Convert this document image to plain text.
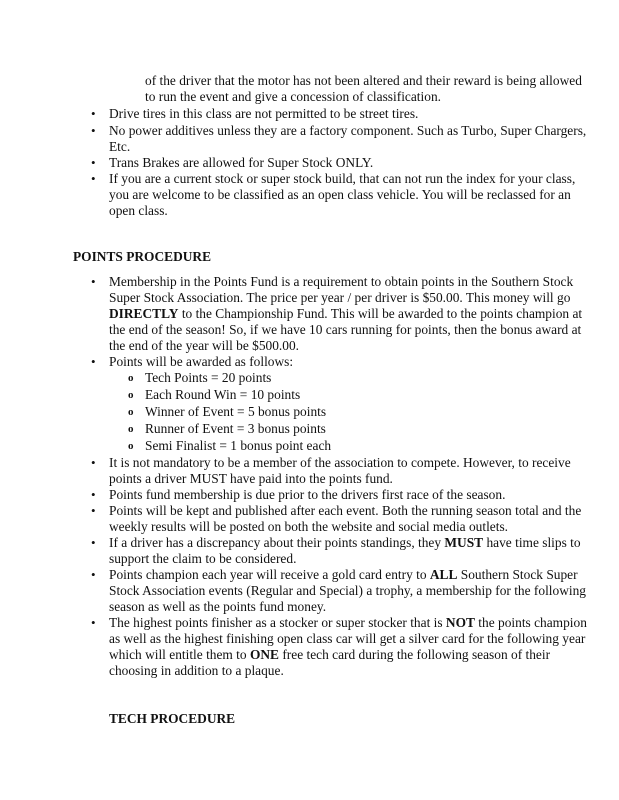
of the driver that the motor has not been altered and their reward is being allowed
to run the event and give a concession of classification.
• Drive tires in this class are not permitted to be street tires.
• No power additives unless they are a factory component. Such as Turbo, Super Chargers,
Etc.
• Trans Brakes are allowed for Super Stock ONLY.
• If you are a current stock or super stock build, that can not run the index for your class,
you are welcome to be classified as an open class vehicle. You will be reclassed for an
open class.
POINTS PROCEDURE
• Membership in the Points Fund is a requirement to obtain points in the Southern Stock
Super Stock Association. The price per year / per driver is $50.00. This money will go
DIRECTLY to the Championship Fund. This will be awarded to the points champion at
the end of the season! So, if we have 10 cars running for points, then the bonus award at
the end of the year will be $500.00.
• Points will be awarded as follows:
o Tech Points = 20 points
o Each Round Win = 10 points
o Winner of Event = 5 bonus points
o Runner of Event = 3 bonus points
o Semi Finalist = 1 bonus point each
• It is not mandatory to be a member of the association to compete. However, to receive
points a driver MUST have paid into the points fund.
• Points fund membership is due prior to the drivers first race of the season.
• Points will be kept and published after each event. Both the running season total and the
weekly results will be posted on both the website and social media outlets.
• If a driver has a discrepancy about their points standings, they MUST have time slips to
support the claim to be considered.
• Points champion each year will receive a gold card entry to ALL Southern Stock Super
Stock Association events (Regular and Special) a trophy, a membership for the following
season as well as the points fund money.
• The highest points finisher as a stocker or super stocker that is NOT the points champion
as well as the highest finishing open class car will get a silver card for the following year
which will entitle them to ONE free tech card during the following season of their
choosing in addition to a plaque.
TECH PROCEDURE
